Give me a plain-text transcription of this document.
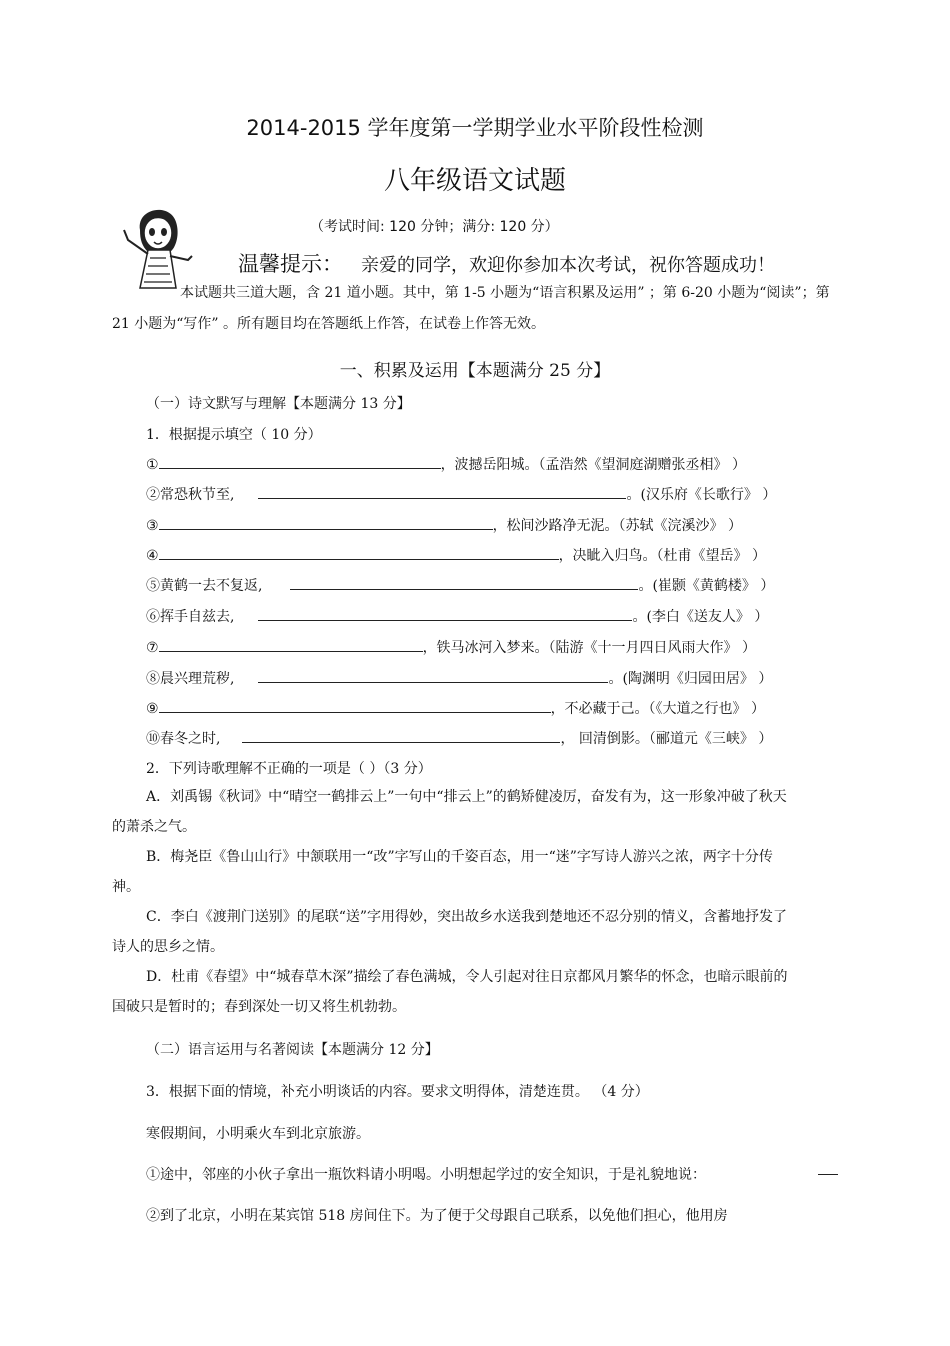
2014-2015 学年度第一学期学业水平阶段性检测
八年级语文试题
（考试时间: 120 分钟；满分: 120 分）
温馨提示： 亲爱的同学，欢迎你参加本次考试，祝你答题成功！
本试题共三道大题，含 21 道小题。其中，第 1-5 小题为“语言积累及运用” ；第 6-20 小题为“阅读”；第 21 小题为“写作” 。所有题目均在答题纸上作答，在试卷上作答无效。
一、积累及运用【本题满分 25 分】
（一）诗文默写与理解【本题满分 13 分】
1．根据提示填空（ 10 分）
①	，波撼岳阳城。（孟浩然《望洞庭湖赠张丞相》 ）
②常恐秋节至,	。(汉乐府《长歌行》 ）
③	，松间沙路净无泥。（苏轼《浣溪沙》 ）
④	，决眦入归鸟。（杜甫《望岳》 ）
⑤黄鹤一去不复返,	。(崔颢《黄鹤楼》 ）
⑥挥手自兹去,	。(李白《送友人》 ）
⑦	，铁马冰河入梦来。（陆游《十一月四日风雨大作》 ）
⑧晨兴理荒秽,	。(陶渊明《归园田居》 ）
⑨	，不必藏于己。（《大道之行也》 ）
⑩春冬之时,	， 回清倒影。（郦道元《三峡》 ）
2．下列诗歌理解不正确的一项是（ ）（3 分）
A．刘禹锡《秋词》中“晴空一鹤排云上”一句中“排云上”的鹤矫健凌厉，奋发有为，这一形象冲破了秋天的萧杀之气。
B．梅尧臣《鲁山山行》中颔联用一“改”字写山的千姿百态，用一“迷”字写诗人游兴之浓，两字十分传神。
C．李白《渡荆门送别》的尾联“送”字用得妙，突出故乡水送我到楚地还不忍分别的情义，含蓄地抒发了诗人的思乡之情。
D．杜甫《春望》中“城春草木深”描绘了春色满城，令人引起对往日京都风月繁华的怀念，也暗示眼前的国破只是暂时的；春到深处一切又将生机勃勃。
（二）语言运用与名著阅读【本题满分 12 分】
3．根据下面的情境，补充小明谈话的内容。要求文明得体，清楚连贯。 （4 分）
寒假期间，小明乘火车到北京旅游。
①途中，邻座的小伙子拿出一瓶饮料请小明喝。小明想起学过的安全知识，于是礼貌地说：
②到了北京，小明在某宾馆 518 房间住下。为了便于父母跟自己联系，以免他们担心，他用房
